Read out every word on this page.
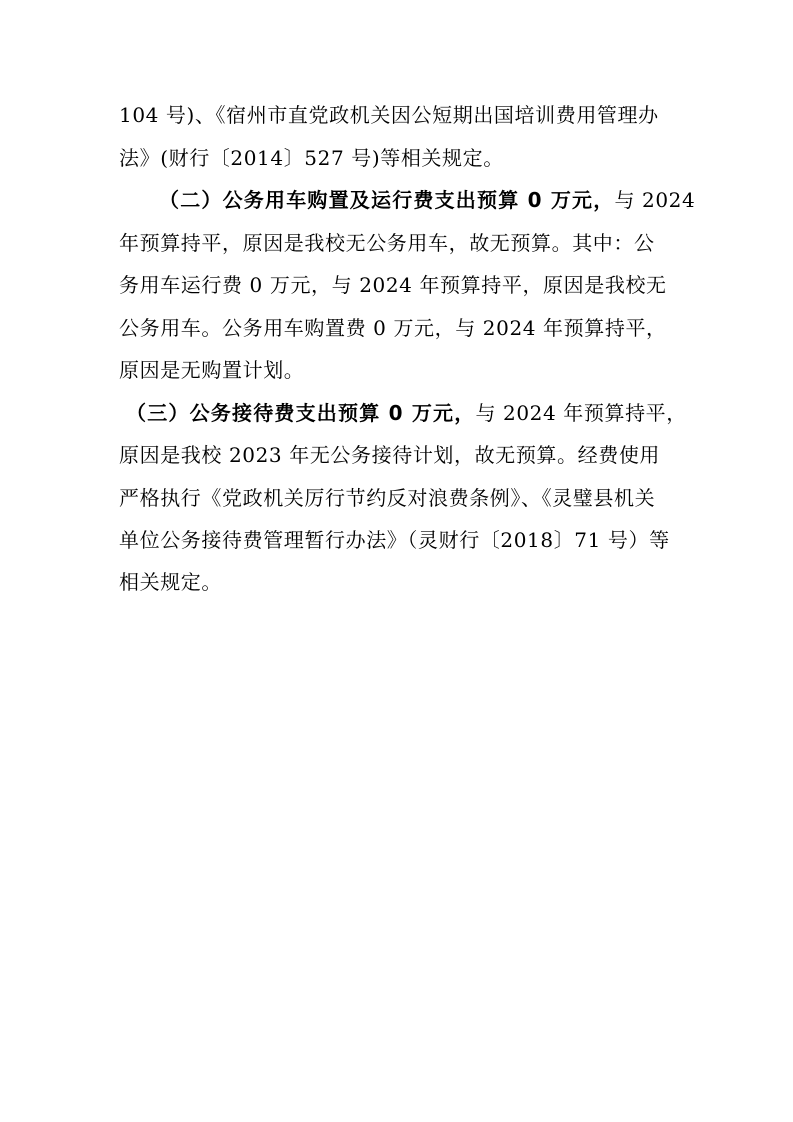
104 号)、《宿州市直党政机关因公短期出国培训费用管理办
法》(财行〔2014〕527 号)等相关规定。
（二）公务用车购置及运行费支出预算 0 万元，与 2024
年预算持平，原因是我校无公务用车，故无预算。其中：公
务用车运行费 0 万元，与 2024 年预算持平，原因是我校无
公务用车。公务用车购置费 0 万元，与 2024 年预算持平，
原因是无购置计划。
（三）公务接待费支出预算 0 万元，与 2024 年预算持平，
原因是我校 2023 年无公务接待计划，故无预算。经费使用
严格执行《党政机关厉行节约反对浪费条例》、《灵璧县机关
单位公务接待费管理暂行办法》（灵财行〔2018〕71 号）等
相关规定。
